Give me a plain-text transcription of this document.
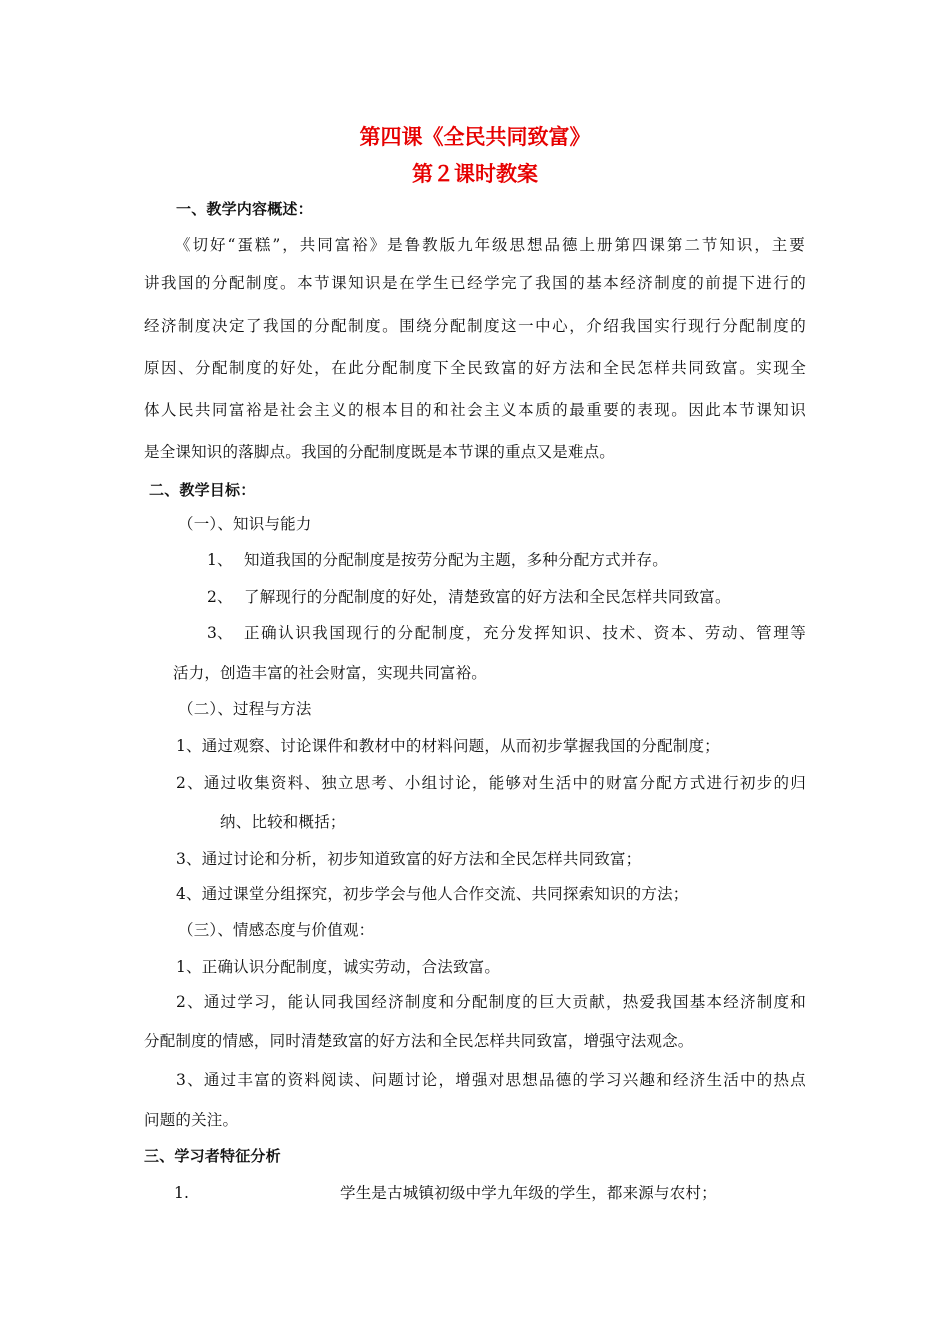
第四课《全民共同致富》
第２课时教案
一、教学内容概述：
《切好“蛋糕”，共同富裕》是鲁教版九年级思想品德上册第四课第二节知识，主要
讲我国的分配制度。本节课知识是在学生已经学完了我国的基本经济制度的前提下进行的
经济制度决定了我国的分配制度。围绕分配制度这一中心，介绍我国实行现行分配制度的
原因、分配制度的好处，在此分配制度下全民致富的好方法和全民怎样共同致富。实现全
体人民共同富裕是社会主义的根本目的和社会主义本质的最重要的表现。因此本节课知识
是全课知识的落脚点。我国的分配制度既是本节课的重点又是难点。
二、教学目标：
（一）、知识与能力
1、 知道我国的分配制度是按劳分配为主题，多种分配方式并存。
2、 了解现行的分配制度的好处，清楚致富的好方法和全民怎样共同致富。
3、 正确认识我国现行的分配制度，充分发挥知识、技术、资本、劳动、管理等
活力，创造丰富的社会财富，实现共同富裕。
（二）、过程与方法
1、通过观察、讨论课件和教材中的材料问题，从而初步掌握我国的分配制度；
2、通过收集资料、独立思考、小组讨论，能够对生活中的财富分配方式进行初步的归
纳、比较和概括；
3、通过讨论和分析，初步知道致富的好方法和全民怎样共同致富；
4、通过课堂分组探究，初步学会与他人合作交流、共同探索知识的方法；
（三）、情感态度与价值观：
1、正确认识分配制度，诚实劳动，合法致富。
2、通过学习，能认同我国经济制度和分配制度的巨大贡献，热爱我国基本经济制度和
分配制度的情感，同时清楚致富的好方法和全民怎样共同致富，增强守法观念。
3、通过丰富的资料阅读、问题讨论，增强对思想品德的学习兴趣和经济生活中的热点
问题的关注。
三、学习者特征分析
1.	学生是古城镇初级中学九年级的学生，都来源与农村；
